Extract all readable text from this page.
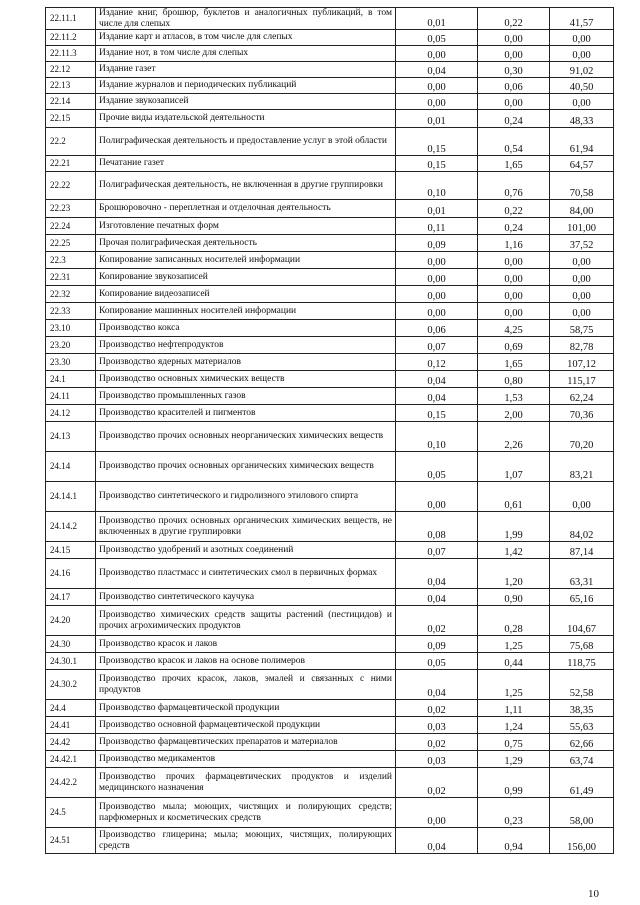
22.11.1	Издание книг, брошюр, буклетов и аналогичных публикаций, в том числе для слепых	0,01	0,22	41,57
22.11.2	Издание карт и атласов, в том числе для слепых	0,05	0,00	0,00
22.11.3	Издание нот, в том числе для слепых	0,00	0,00	0,00
22.12	Издание газет	0,04	0,30	91,02
22.13	Издание журналов и периодических публикаций	0,00	0,06	40,50
22.14	Издание звукозаписей	0,00	0,00	0,00
22.15	Прочие виды издательской деятельности	0,01	0,24	48,33
22.2	Полиграфическая деятельность и предоставление услуг в этой области	0,15	0,54	61,94
22.21	Печатание газет	0,15	1,65	64,57
22.22	Полиграфическая деятельность, не включенная в другие группировки	0,10	0,76	70,58
22.23	Брошюровочно - переплетная и отделочная деятельность	0,01	0,22	84,00
22.24	Изготовление печатных форм	0,11	0,24	101,00
22.25	Прочая полиграфическая деятельность	0,09	1,16	37,52
22.3	Копирование записанных носителей информации	0,00	0,00	0,00
22.31	Копирование звукозаписей	0,00	0,00	0,00
22.32	Копирование видеозаписей	0,00	0,00	0,00
22.33	Копирование машинных носителей информации	0,00	0,00	0,00
23.10	Производство кокса	0,06	4,25	58,75
23.20	Производство нефтепродуктов	0,07	0,69	82,78
23.30	Производство ядерных материалов	0,12	1,65	107,12
24.1	Производство основных химических веществ	0,04	0,80	115,17
24.11	Производство промышленных газов	0,04	1,53	62,24
24.12	Производство красителей и пигментов	0,15	2,00	70,36
24.13	Производство прочих основных неорганических химических веществ	0,10	2,26	70,20
24.14	Производство прочих основных органических химических веществ	0,05	1,07	83,21
24.14.1	Производство синтетического и гидролизного этилового спирта	0,00	0,61	0,00
24.14.2	Производство прочих основных органических химических веществ, не включенных в другие группировки	0,08	1,99	84,02
24.15	Производство удобрений и азотных соединений	0,07	1,42	87,14
24.16	Производство пластмасс и синтетических смол в первичных формах	0,04	1,20	63,31
24.17	Производство синтетического каучука	0,04	0,90	65,16
24.20	Производство химических средств защиты растений (пестицидов) и прочих агрохимических продуктов	0,02	0,28	104,67
24.30	Производство красок и лаков	0,09	1,25	75,68
24.30.1	Производство красок и лаков на основе полимеров	0,05	0,44	118,75
24.30.2	Производство прочих красок, лаков, эмалей и связанных с ними продуктов	0,04	1,25	52,58
24.4	Производство фармацевтической продукции	0,02	1,11	38,35
24.41	Производство основной фармацевтической продукции	0,03	1,24	55,63
24.42	Производство фармацевтических препаратов и материалов	0,02	0,75	62,66
24.42.1	Производство медикаментов	0,03	1,29	63,74
24.42.2	Производство прочих фармацевтических продуктов и изделий медицинского назначения	0,02	0,99	61,49
24.5	Производство мыла; моющих, чистящих и полирующих средств; парфюмерных и косметических средств	0,00	0,23	58,00
24.51	Производство глицерина; мыла; моющих, чистящих, полирующих средств	0,04	0,94	156,00
10
